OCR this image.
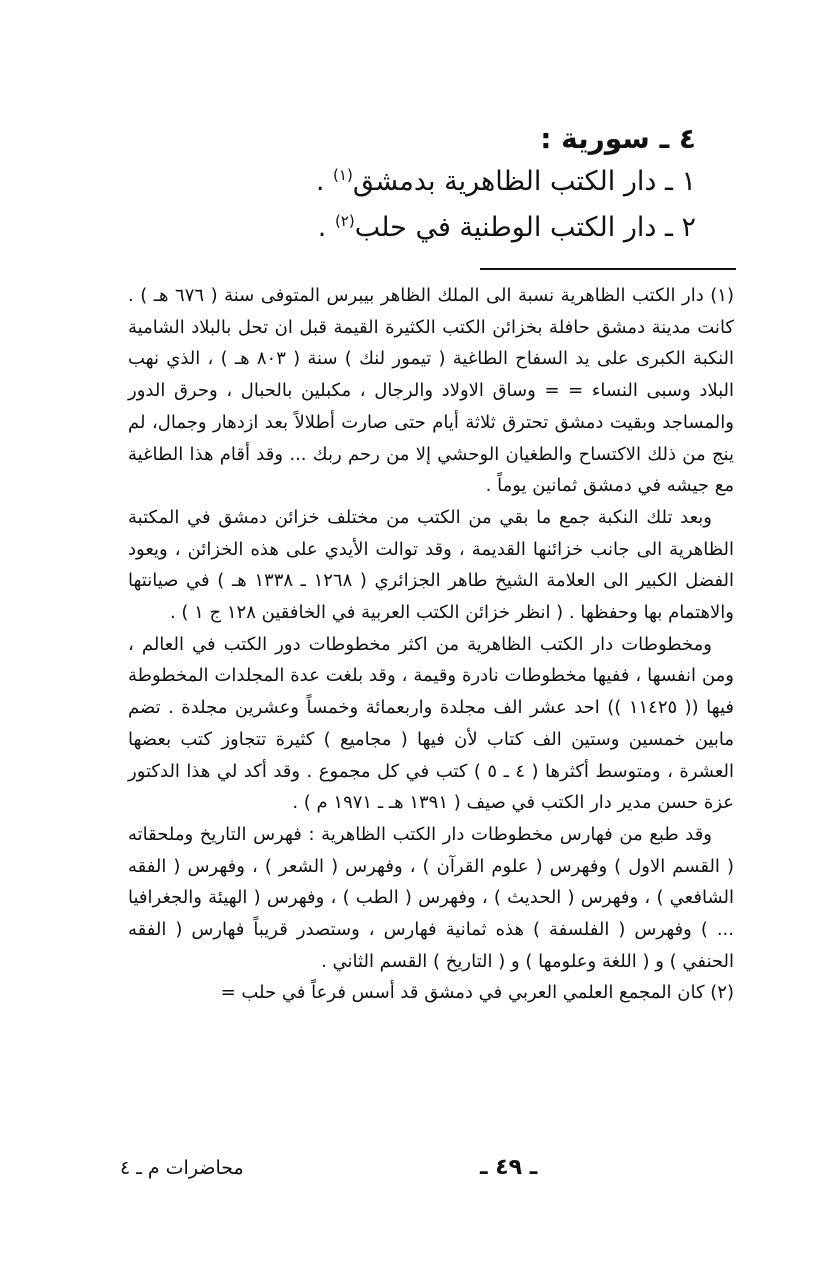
٤ ـ سورية :
١ ـ دار الكتب الظاهرية بدمشق$^{(١)}$ .
٢ ـ دار الكتب الوطنية في حلب$^{(٢)}$ .

(١) دار الكتب الظاهرية نسبة الى الملك الظاهر بيبرس المتوفى سنة ( ٦٧٦ هـ ) . كانت مدينة دمشق حافلة بخزائن الكتب الكثيرة القيمة قبل ان تحل بالبلاد الشامية النكبة الكبرى على يد السفاح الطاغية ( تيمور لنك ) سنة ( ٨٠٣ هـ ) ، الذي نهب البلاد وسبى النساء = = وساق الاولاد والرجال ، مكبلين بالحبال ، وحرق الدور والمساجد وبقيت دمشق تحترق ثلاثة أيام حتى صارت أطلالاً بعد ازدهار وجمال، لم ينج من ذلك الاكتساح والطغيان الوحشي إلا من رحم ربك ... وقد أقام هذا الطاغية مع جيشه في دمشق ثمانين يوماً .

وبعد تلك النكبة جمع ما بقي من الكتب من مختلف خزائن دمشق في المكتبة الظاهرية الى جانب خزائنها القديمة ، وقد توالت الأيدي على هذه الخزائن ، ويعود الفضل الكبير الى العلامة الشيخ طاهر الجزائري ( ١٢٦٨ ـ ١٣٣٨ هـ ) في صيانتها والاهتمام بها وحفظها . ( انظر خزائن الكتب العربية في الخافقين ١٢٨ ج ١ ) .

ومخطوطات دار الكتب الظاهرية من اكثر مخطوطات دور الكتب في العالم ، ومن انفسها ، ففيها مخطوطات نادرة وقيمة ، وقد بلغت عدة المجلدات المخطوطة فيها (( ١١٤٢٥ )) احد عشر الف مجلدة واربعمائة وخمساً وعشرين مجلدة . تضم مابين خمسين وستين الف كتاب لأن فيها ( مجاميع ) كثيرة تتجاوز كتب بعضها العشرة ، ومتوسط أكثرها ( ٤ ـ ٥ ) كتب في كل مجموع . وقد أكد لي هذا الدكتور عزة حسن مدير دار الكتب في صيف ( ١٣٩١ هـ ـ ١٩٧١ م ) .

وقد طبع من فهارس مخطوطات دار الكتب الظاهرية : فهرس التاريخ وملحقاته ( القسم الاول ) وفهرس ( علوم القرآن ) ، وفهرس ( الشعر ) ، وفهرس ( الفقه الشافعي ) ، وفهرس ( الحديث ) ، وفهرس ( الطب ) ، وفهرس ( الهيئة والجغرافيا ... ) وفهرس ( الفلسفة ) هذه ثمانية فهارس ، وستصدر قريباً فهارس ( الفقه الحنفي ) و ( اللغة وعلومها ) و ( التاريخ ) القسم الثاني .

(٢) كان المجمع العلمي العربي في دمشق قد أسس فرعاً في حلب =

ـ ٤٩ ـ
محاضرات م ـ ٤
